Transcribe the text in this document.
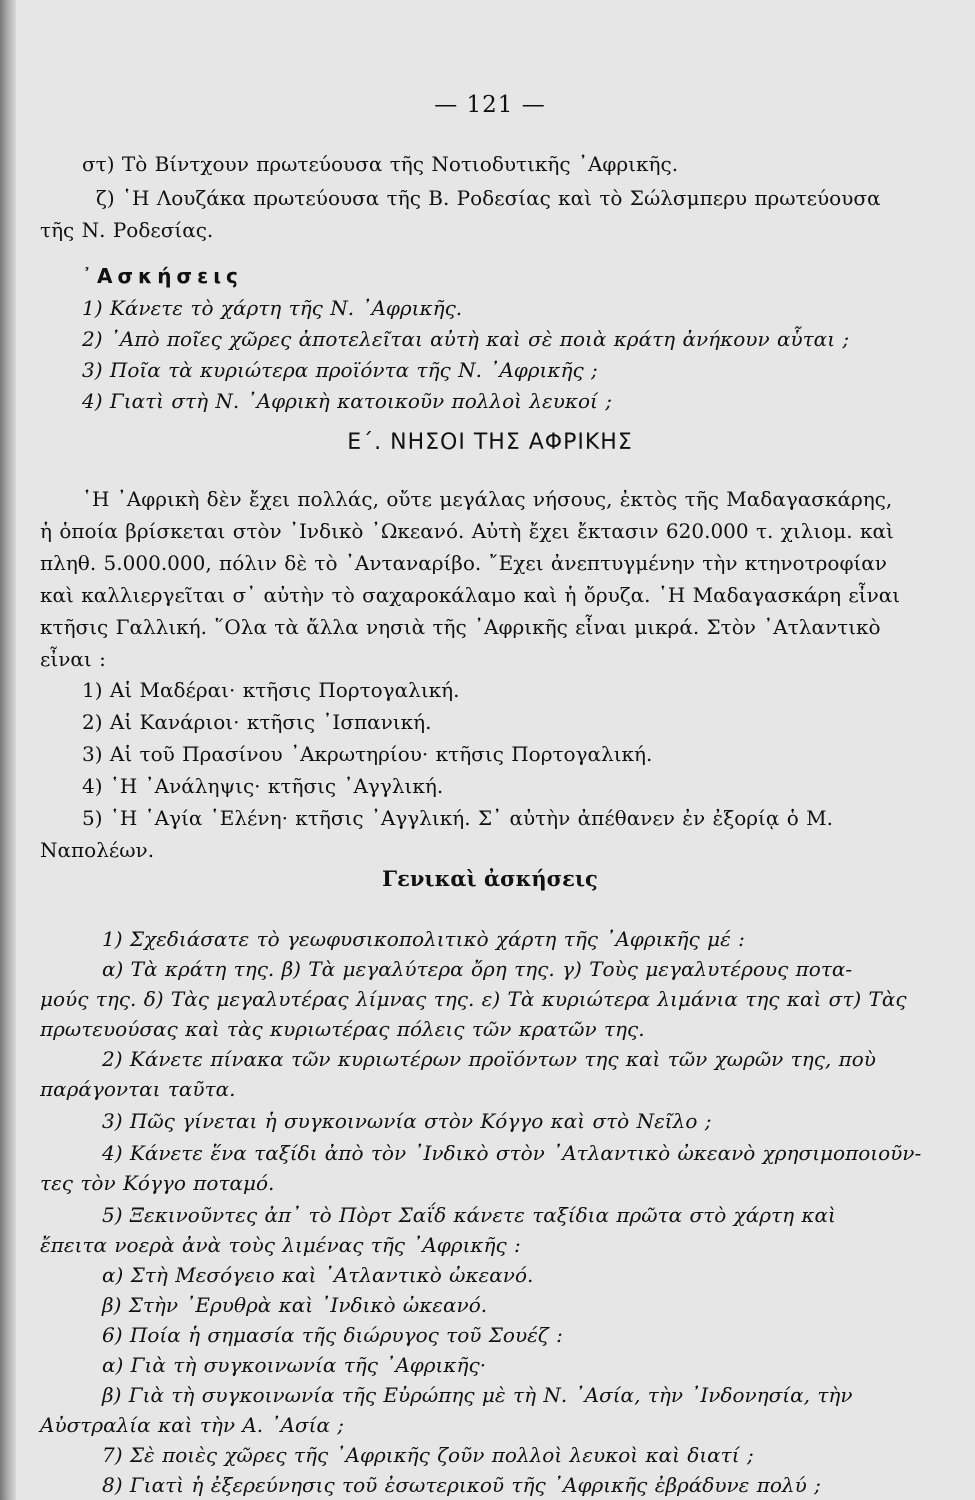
— 121 —
στ) Τὸ Βίντχουν πρωτεύουσα τῆς Νοτιοδυτικῆς ᾿Αφρικῆς.
ζ) ῾Η Λουζάκα πρωτεύουσα τῆς Β. Ροδεσίας καὶ τὸ Σώλσμπερυ πρωτεύουσα
τῆς Ν. Ροδεσίας.
᾿Ασκήσεις
1) Κάνετε τὸ χάρτη τῆς Ν. ᾿Αφρικῆς.
2) ᾿Απὸ ποῖες χῶρες ἀποτελεῖται αὐτὴ καὶ σὲ ποιὰ κράτη ἀνήκουν αὗται ;
3) Ποῖα τὰ κυριώτερα προϊόντα τῆς Ν. ᾿Αφρικῆς ;
4) Γιατὶ στὴ Ν. ᾿Αφρικὴ κατοικοῦν πολλοὶ λευκοί ;
Ε΄. ΝΗΣΟΙ ΤΗΣ ΑΦΡΙΚΗΣ
῾Η ᾿Αφρικὴ δὲν ἔχει πολλάς, οὔτε μεγάλας νήσους, ἐκτὸς τῆς Μαδαγασκάρης,
ἡ ὁποία βρίσκεται στὸν ᾿Ινδικὸ ᾿Ωκεανό. Αὐτὴ ἔχει ἔκτασιν 620.000 τ. χιλιομ. καὶ
πληθ. 5.000.000, πόλιν δὲ τὸ ᾿Ανταναρίβο. ῎Εχει ἀνεπτυγμένην τὴν κτηνοτροφίαν
καὶ καλλιεργεῖται σ᾿ αὐτὴν τὸ σαχαροκάλαμο καὶ ἡ ὄρυζα. ῾Η Μαδαγασκάρη εἶναι
κτῆσις Γαλλική. ῞Ολα τὰ ἄλλα νησιὰ τῆς ᾿Αφρικῆς εἶναι μικρά. Στὸν ᾿Ατλαντικὸ
εἶναι :
1) Αἱ Μαδέραι· κτῆσις Πορτογαλική.
2) Αἱ Κανάριοι· κτῆσις ᾿Ισπανική.
3) Αἱ τοῦ Πρασίνου ᾿Ακρωτηρίου· κτῆσις Πορτογαλική.
4) ῾Η ᾿Ανάληψις· κτῆσις ᾿Αγγλική.
5) ῾Η ῾Αγία ῾Ελένη· κτῆσις ᾿Αγγλική. Σ᾿ αὐτὴν ἀπέθανεν ἐν ἐξορίᾳ ὁ Μ.
Ναπολέων.
Γενικαὶ ἀσκήσεις
1) Σχεδιάσατε τὸ γεωφυσικοπολιτικὸ χάρτη τῆς ᾿Αφρικῆς μέ :
α) Τὰ κράτη της. β) Τὰ μεγαλύτερα ὄρη της. γ) Τοὺς μεγαλυτέρους ποτα-
μούς της. δ) Τὰς μεγαλυτέρας λίμνας της. ε) Τὰ κυριώτερα λιμάνια της καὶ στ) Τὰς
πρωτευούσας καὶ τὰς κυριωτέρας πόλεις τῶν κρατῶν της.
2) Κάνετε πίνακα τῶν κυριωτέρων προϊόντων της καὶ τῶν χωρῶν της, ποὺ
παράγονται ταῦτα.
3) Πῶς γίνεται ἡ συγκοινωνία στὸν Κόγγο καὶ στὸ Νεῖλο ;
4) Κάνετε ἕνα ταξίδι ἀπὸ τὸν ᾿Ινδικὸ στὸν ᾿Ατλαντικὸ ὠκεανὸ χρησιμοποιοῦν-
τες τὸν Κόγγο ποταμό.
5) Ξεκινοῦντες ἀπ᾿ τὸ Πὸρτ Σαΐδ κάνετε ταξίδια πρῶτα στὸ χάρτη καὶ
ἔπειτα νοερὰ ἀνὰ τοὺς λιμένας τῆς ᾿Αφρικῆς :
α) Στὴ Μεσόγειο καὶ ᾿Ατλαντικὸ ὠκεανό.
β) Στὴν ᾿Ερυθρὰ καὶ ᾿Ινδικὸ ὠκεανό.
6) Ποία ἡ σημασία τῆς διώρυγος τοῦ Σουέζ :
α) Γιὰ τὴ συγκοινωνία τῆς ᾿Αφρικῆς·
β) Γιὰ τὴ συγκοινωνία τῆς Εὐρώπης μὲ τὴ Ν. ᾿Ασία, τὴν ᾿Ινδονησία, τὴν
Αὐστραλία καὶ τὴν Α. ᾿Ασία ;
7) Σὲ ποιὲς χῶρες τῆς ᾿Αφρικῆς ζοῦν πολλοὶ λευκοὶ καὶ διατί ;
8) Γιατὶ ἡ ἐξερεύνησις τοῦ ἐσωτερικοῦ τῆς ᾿Αφρικῆς ἐβράδυνε πολύ ;
